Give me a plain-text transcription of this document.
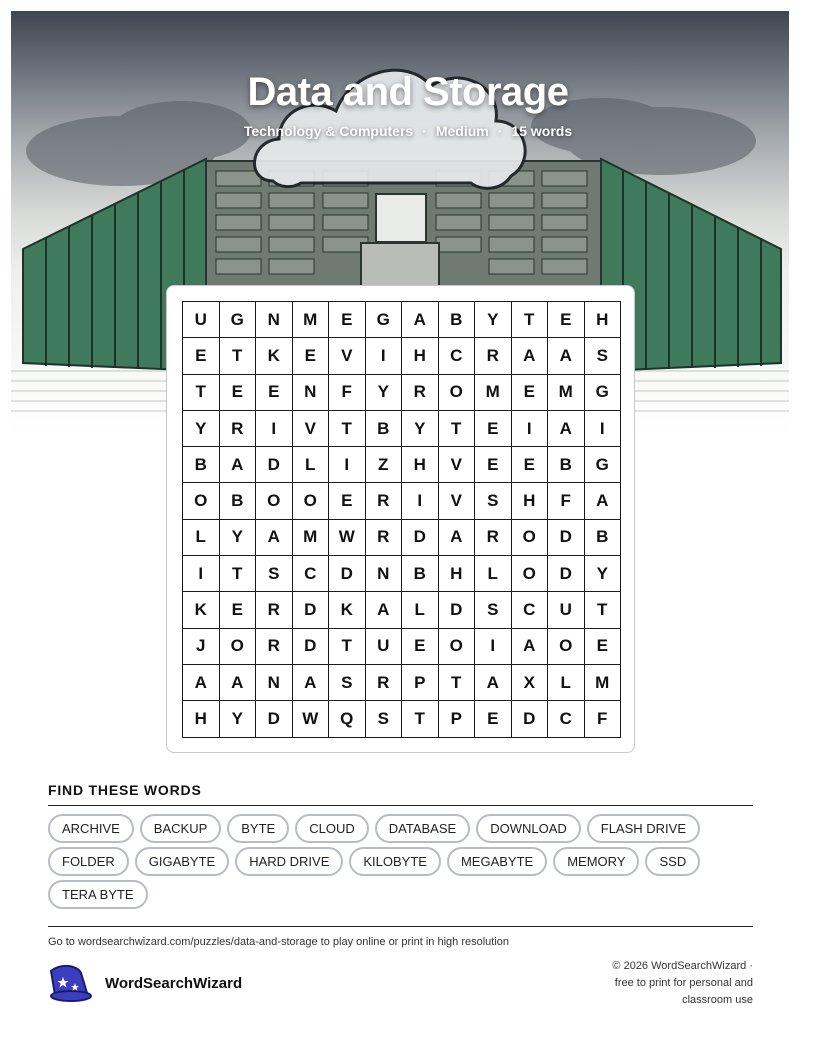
Data and Storage
Technology & Computers · Medium · 15 words
U	G	N	M	E	G	A	B	Y	T	E	H
E	T	K	E	V	I	H	C	R	A	A	S
T	E	E	N	F	Y	R	O	M	E	M	G
Y	R	I	V	T	B	Y	T	E	I	A	I
B	A	D	L	I	Z	H	V	E	E	B	G
O	B	O	O	E	R	I	V	S	H	F	A
L	Y	A	M	W	R	D	A	R	O	D	B
I	T	S	C	D	N	B	H	L	O	D	Y
K	E	R	D	K	A	L	D	S	C	U	T
J	O	R	D	T	U	E	O	I	A	O	E
A	A	N	A	S	R	P	T	A	X	L	M
H	Y	D	W	Q	S	T	P	E	D	C	F
FIND THESE WORDS
ARCHIVE	BACKUP	BYTE	CLOUD	DATABASE	DOWNLOAD	FLASH DRIVEFOLDER	GIGABYTE	HARD DRIVE	KILOBYTE	MEGABYTE	MEMORY	SSDTERA BYTE
Go to wordsearchwizard.com/puzzles/data-and-storage to play online or print in high resolution
WordSearchWizard
© 2026 WordSearchWizard ·
free to print for personal and
classroom use
